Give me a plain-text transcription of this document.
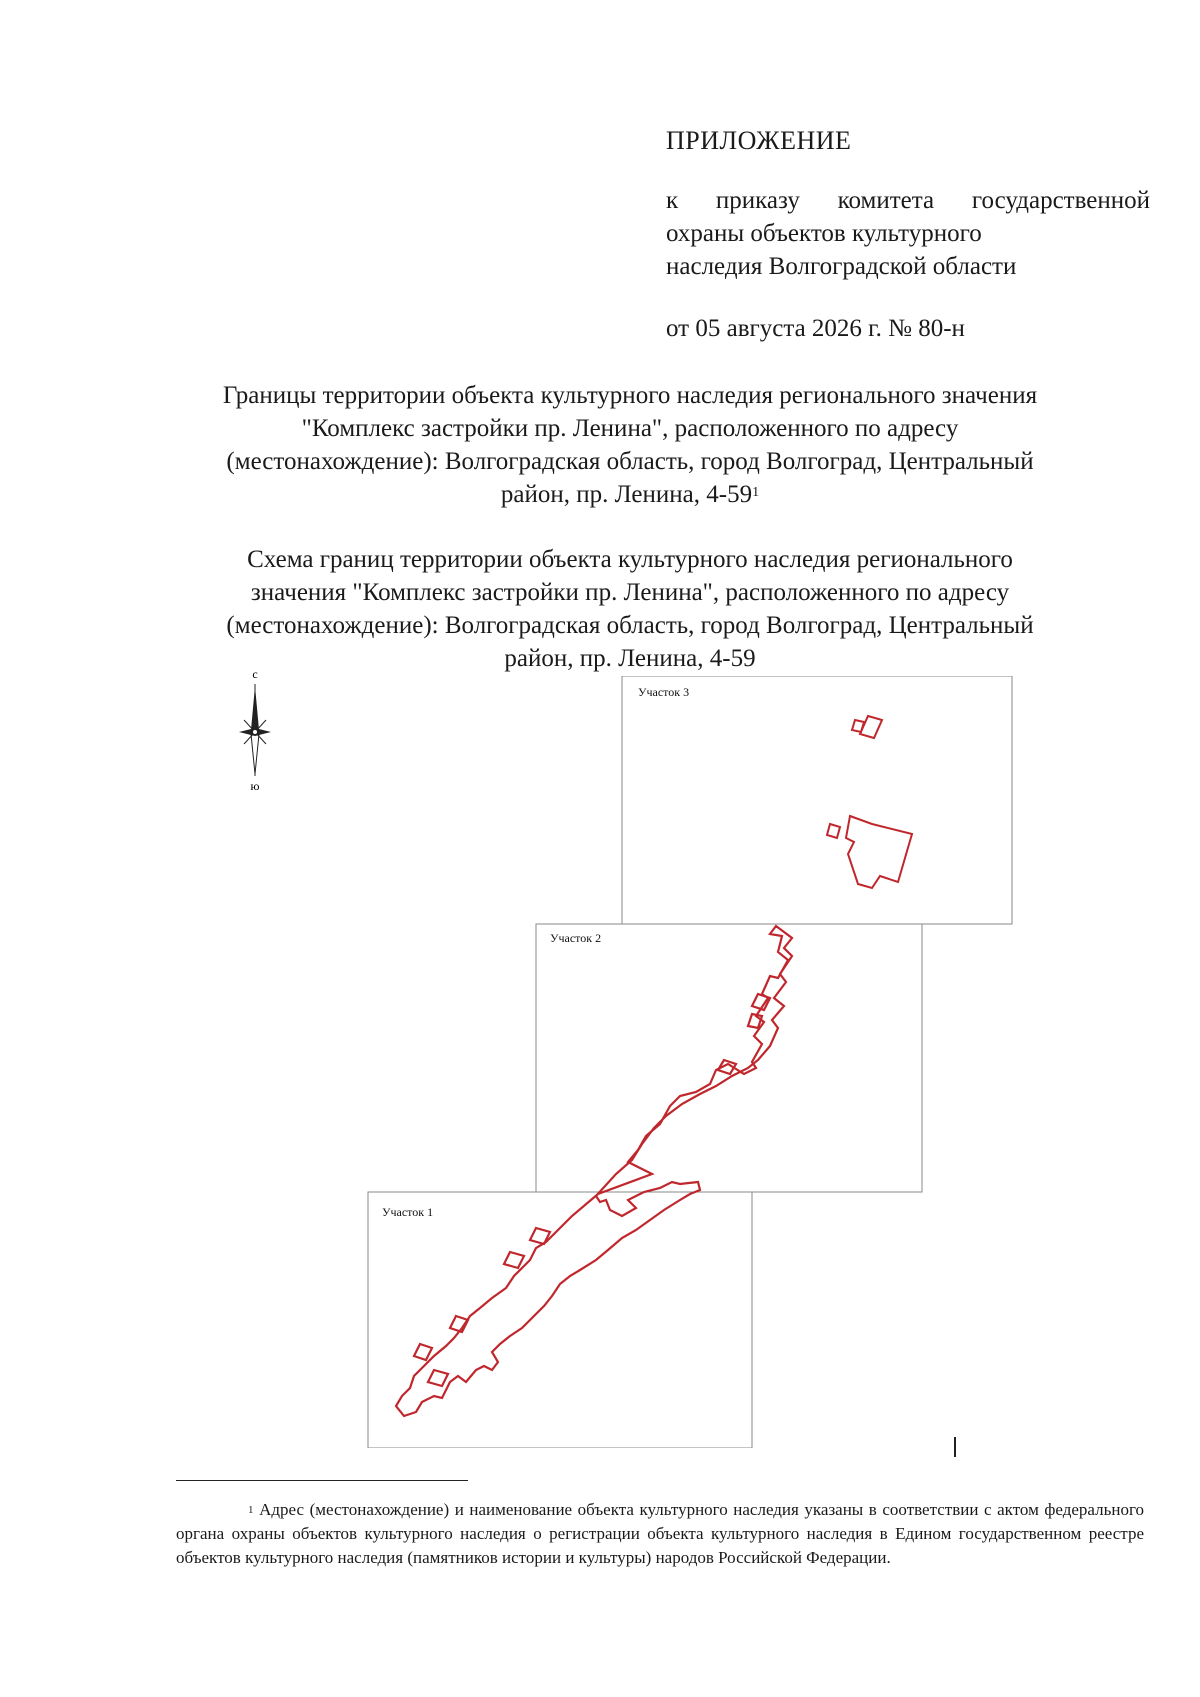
ПРИЛОЖЕНИЕ
к приказу комитета государственной
охраны объектов культурного
наследия Волгоградской области
от 05 августа 2026 г. № 80-н
Границы территории объекта культурного наследия регионального значения
"Комплекс застройки пр. Ленина", расположенного по адресу
(местонахождение): Волгоградская область, город Волгоград, Центральный
район, пр. Ленина, $4-59^1$
Схема границ территории объекта культурного наследия регионального
значения "Комплекс застройки пр. Ленина", расположенного по адресу
(местонахождение): Волгоградская область, город Волгоград, Центральный
район, пр. Ленина, 4-59
с
ю
Участок 3
Участок 2
Участок 1
$^1$ Адрес (местонахождение) и наименование объекта культурного наследия указаны в соответствии с актом федерального органа охраны объектов культурного наследия о регистрации объекта культурного наследия в Едином государственном реестре объектов культурного наследия (памятников истории и культуры) народов Российской Федерации.
